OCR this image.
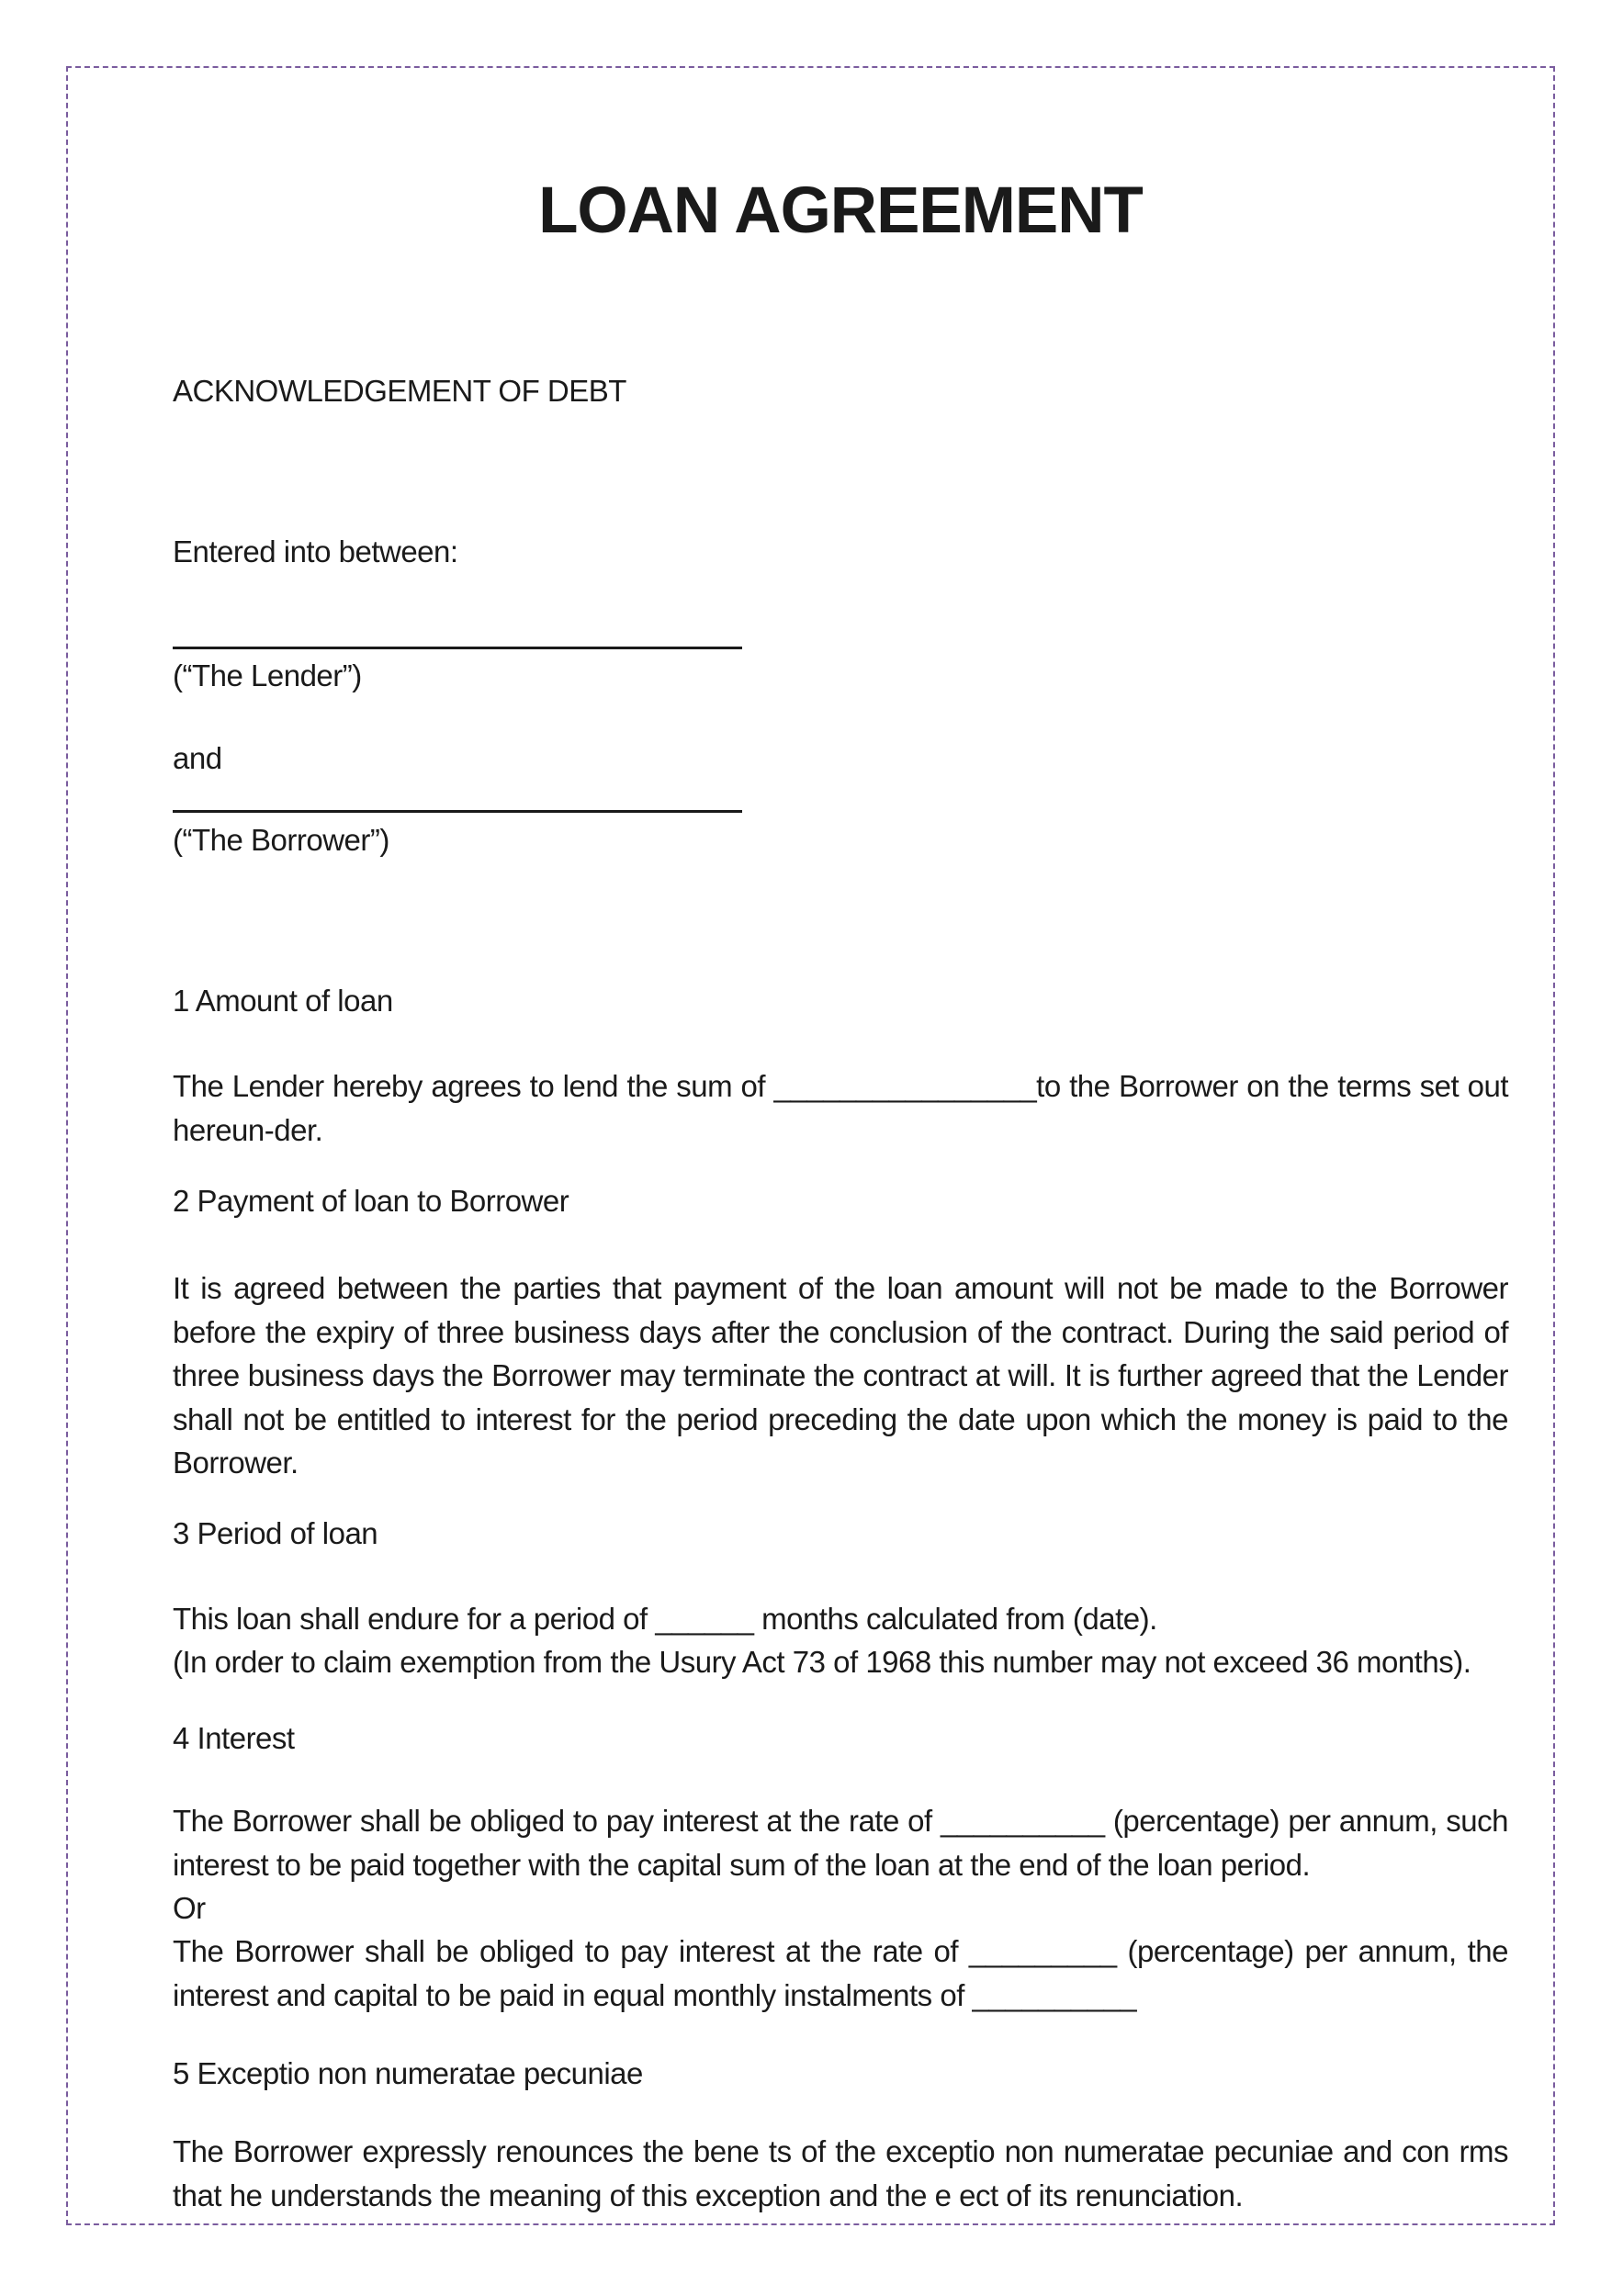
LOAN AGREEMENT
ACKNOWLEDGEMENT OF DEBT
Entered into between:
(“The Lender”)
and
(“The Borrower”)
1 Amount of loan
The Lender hereby agrees to lend the sum of ________________to the Borrower on the terms set out hereun-der.
2 Payment of loan to Borrower
It is agreed between the parties that payment of the loan amount will not be made to the Borrower before the expiry of three business days after the conclusion of the contract. During the said period of three business days the Borrower may terminate the contract at will. It is further agreed that the Lender shall not be entitled to interest for the period preceding the date upon which the money is paid to the Borrower.
3 Period of loan
This loan shall endure for a period of ______ months calculated from (date).
(In order to claim exemption from the Usury Act 73 of 1968 this number may not exceed 36 months).
4 Interest
The Borrower shall be obliged to pay interest at the rate of __________ (percentage) per annum, such interest to be paid together with the capital sum of the loan at the end of the loan period.
Or
The Borrower shall be obliged to pay interest at the rate of _________ (percentage) per annum, the interest and capital to be paid in equal monthly instalments of __________
5 Exceptio non numeratae pecuniae
The Borrower expressly renounces the bene ts of the exceptio non numeratae pecuniae and con rms that he understands the meaning of this exception and the e ect of its renunciation.
